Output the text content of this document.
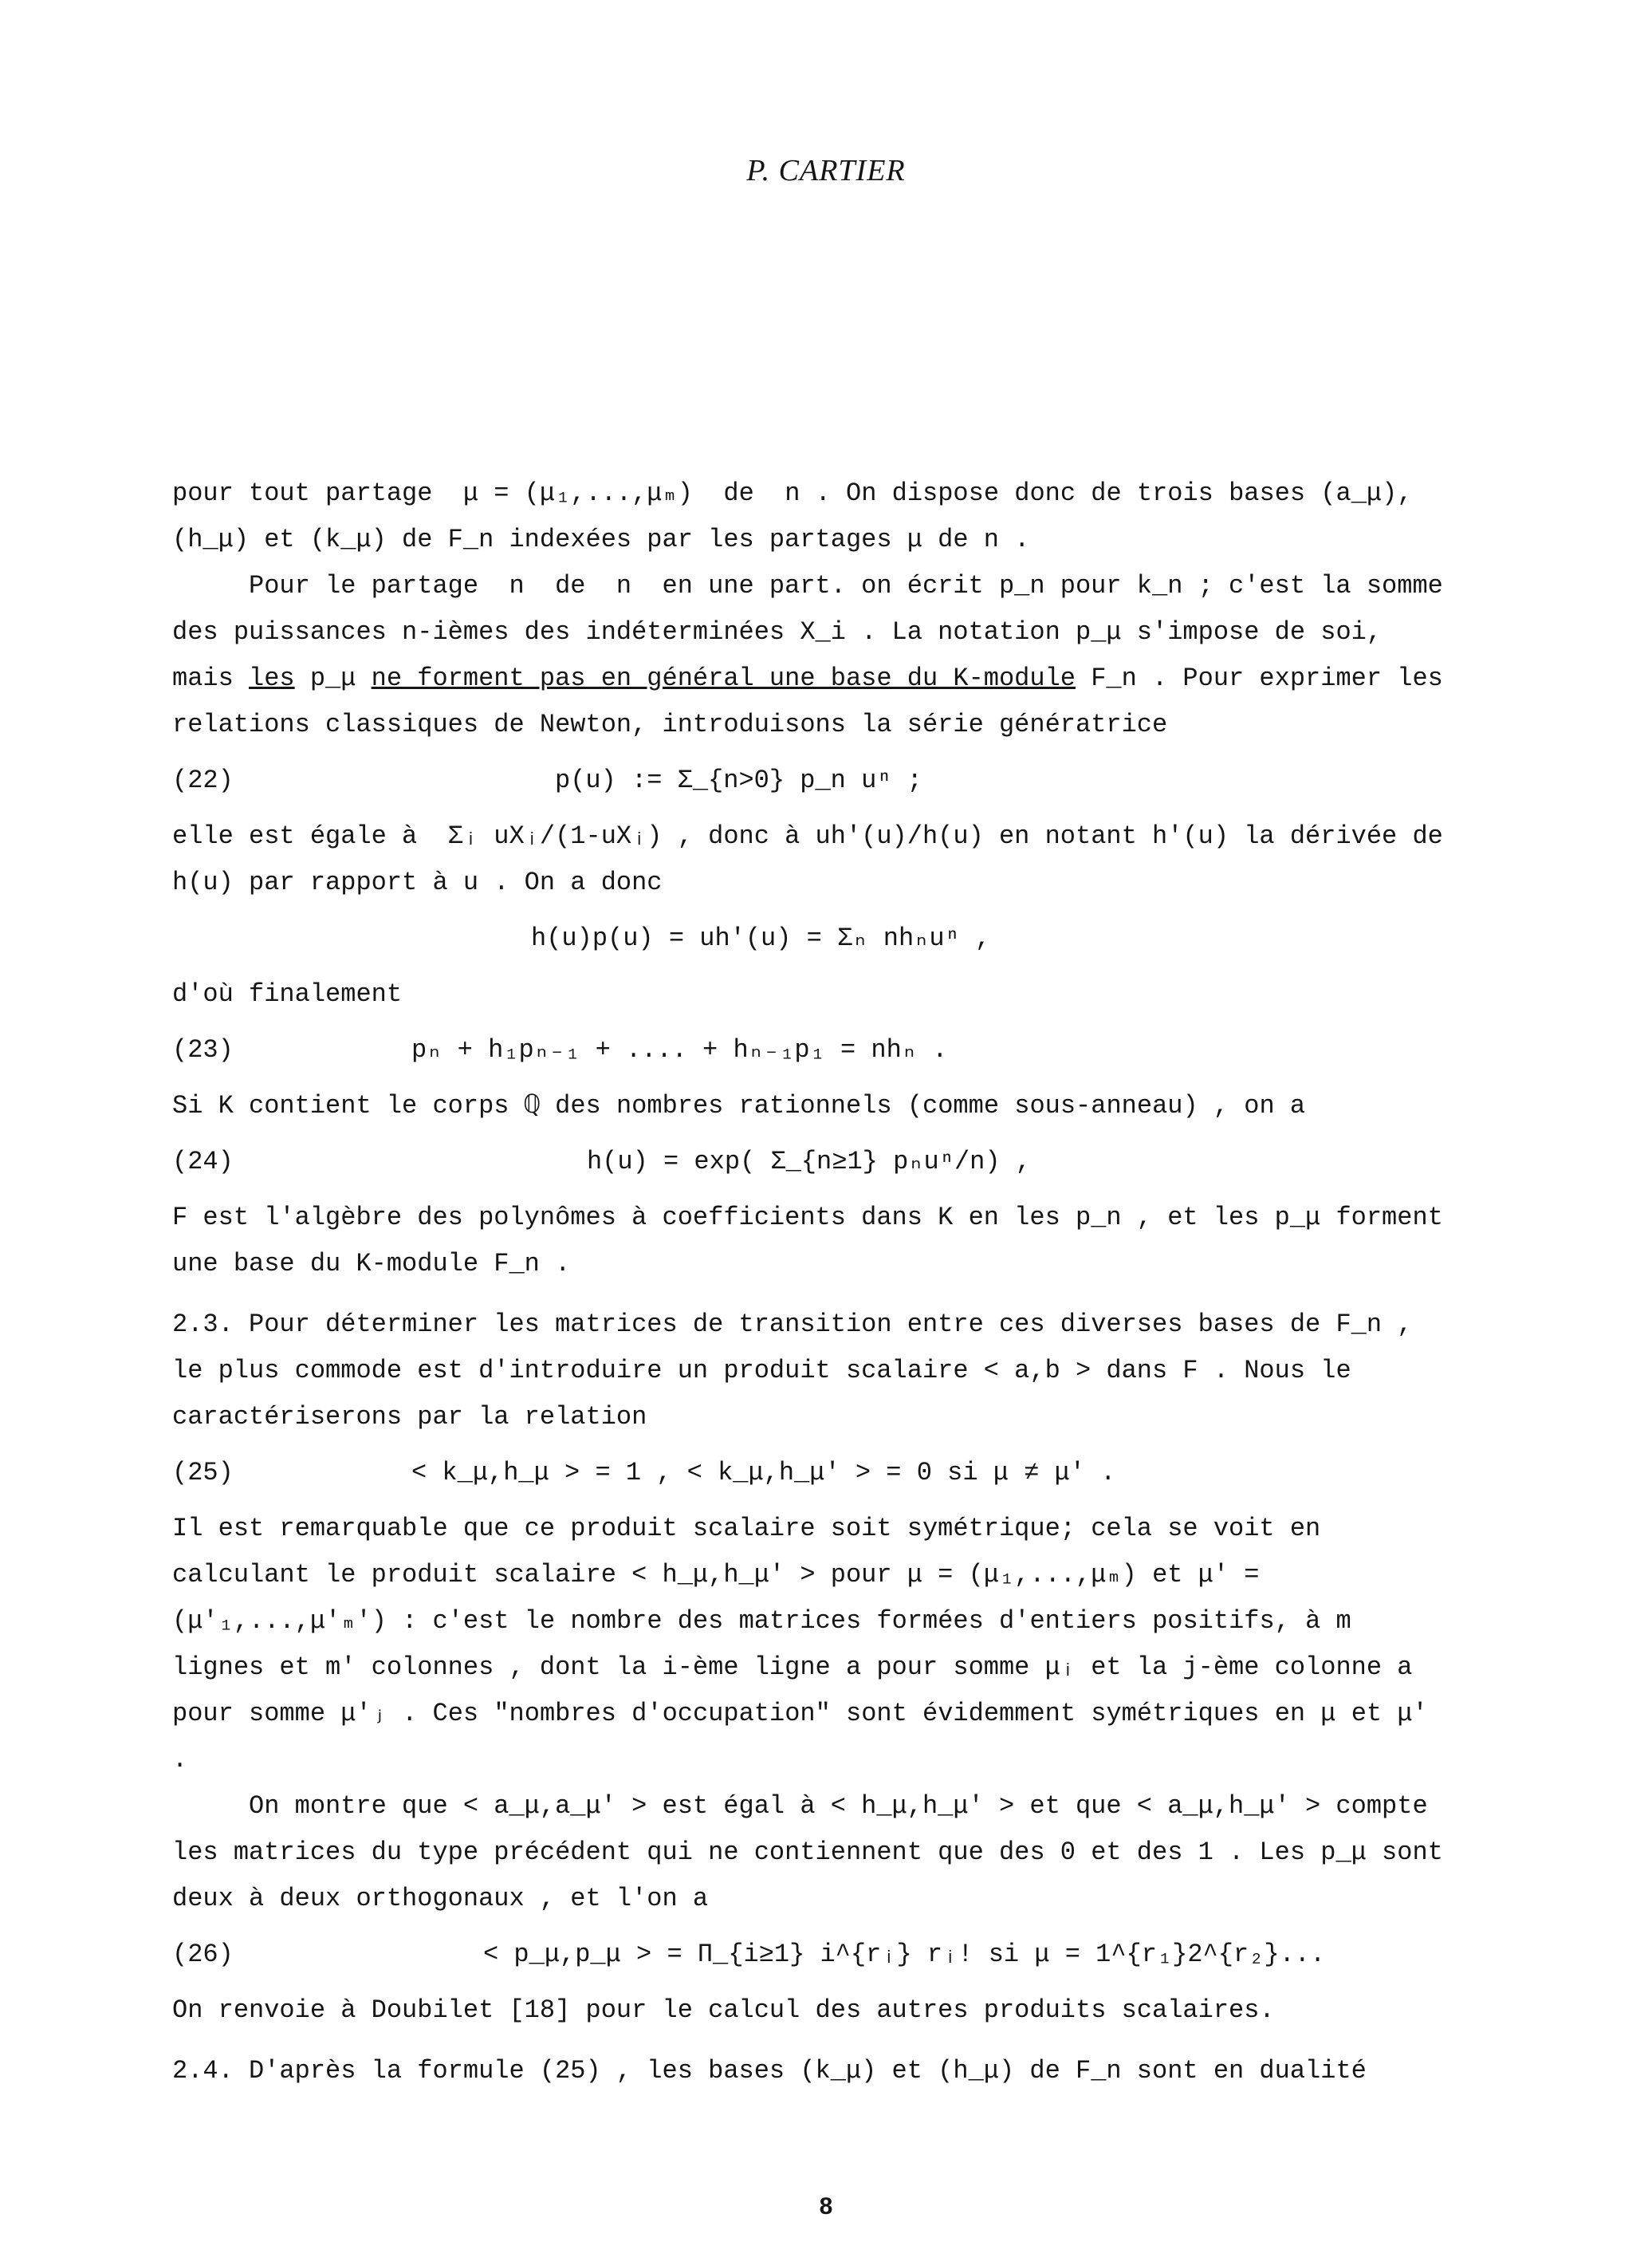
P. CARTIER

pour tout partage  μ = (μ₁,...,μₘ)  de  n . On dispose donc de trois bases (a_μ), (h_μ) et (k_μ) de F_n indexées par les partages μ de n .

Pour le partage  n  de  n  en une part. on écrit p_n pour k_n ; c'est la somme des puissances n-ièmes des indéterminées X_i . La notation p_μ s'impose de soi, mais les p_μ ne forment pas en général une base du K-module F_n . Pour exprimer les relations classiques de Newton, introduisons la série génératrice

(22)	p(u) := Σ_{n>0} p_n uⁿ ;

elle est égale à  Σᵢ uXᵢ/(1-uXᵢ) , donc à uh'(u)/h(u) en notant h'(u) la dérivée de h(u) par rapport à u . On a donc

h(u)p(u) = uh'(u) = Σₙ nhₙuⁿ ,

d'où finalement

(23)	pₙ + h₁pₙ₋₁ + .... + hₙ₋₁p₁ = nhₙ .

Si K contient le corps ℚ des nombres rationnels (comme sous-anneau) , on a

(24)	h(u) = exp( Σ_{n≥1} pₙuⁿ/n) ,

F est l'algèbre des polynômes à coefficients dans K en les p_n , et les p_μ forment une base du K-module F_n .

2.3. Pour déterminer les matrices de transition entre ces diverses bases de F_n , le plus commode est d'introduire un produit scalaire < a,b > dans F . Nous le caractériserons par la relation

(25)	< k_μ,h_μ > = 1 , < k_μ,h_μ' > = 0 si μ ≠ μ' .

Il est remarquable que ce produit scalaire soit symétrique; cela se voit en calculant le produit scalaire < h_μ,h_μ' > pour μ = (μ₁,...,μₘ) et μ' = (μ'₁,...,μ'ₘ') : c'est le nombre des matrices formées d'entiers positifs, à m lignes et m' colonnes , dont la i-ème ligne a pour somme μᵢ et la j-ème colonne a pour somme μ'ⱼ . Ces "nombres d'occupation" sont évidemment symétriques en μ et μ' .

On montre que < a_μ,a_μ' > est égal à < h_μ,h_μ' > et que < a_μ,h_μ' > compte les matrices du type précédent qui ne contiennent que des 0 et des 1 . Les p_μ sont deux à deux orthogonaux , et l'on a

(26)	< p_μ,p_μ > = Π_{i≥1} i^{rᵢ} rᵢ! si μ = 1^{r₁}2^{r₂}...

On renvoie à Doubilet [18] pour le calcul des autres produits scalaires.

2.4. D'après la formule (25) , les bases (k_μ) et (h_μ) de F_n sont en dualité

8
